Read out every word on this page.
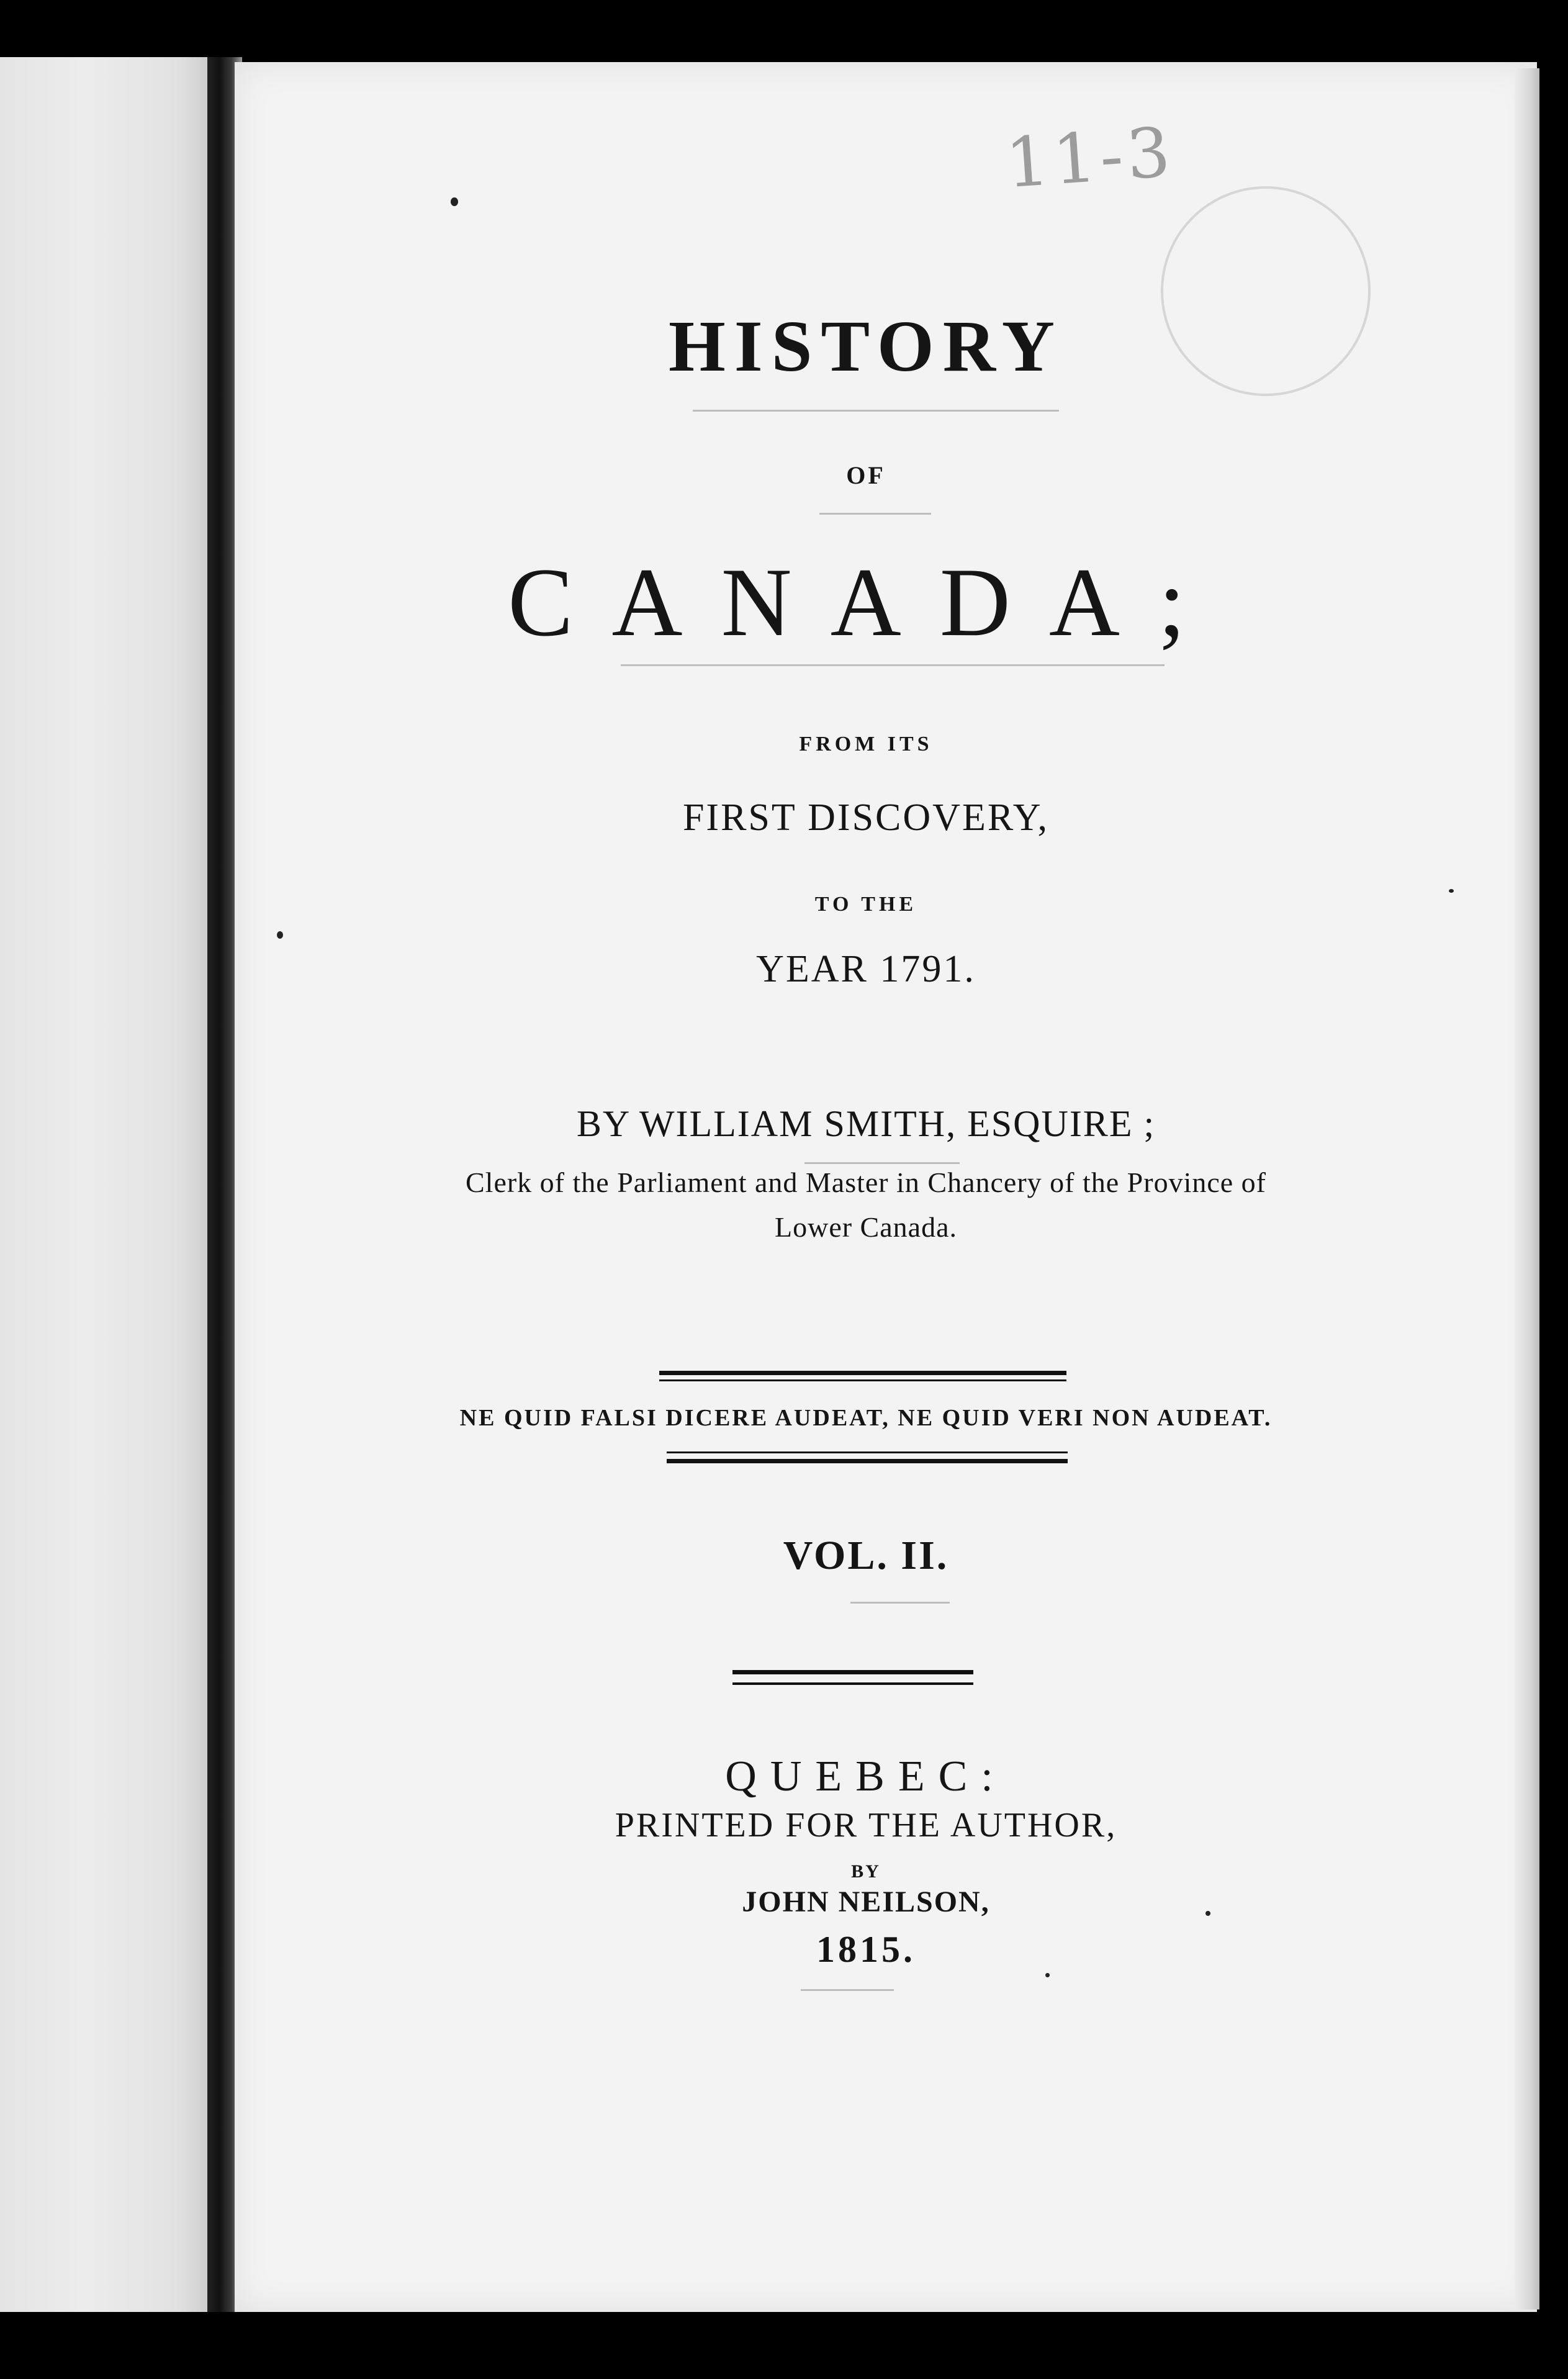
11-3
HISTORY
OF
CANADA;
FROM ITS
FIRST DISCOVERY,
TO THE
YEAR 1791.
BY WILLIAM SMITH, ESQUIRE ;
Clerk of the Parliament and Master in Chancery of the Province of
Lower Canada.
NE QUID FALSI DICERE AUDEAT, NE QUID VERI NON AUDEAT.
VOL. II.
QUEBEC:
PRINTED FOR THE AUTHOR,
BY
JOHN NEILSON,
1815.
